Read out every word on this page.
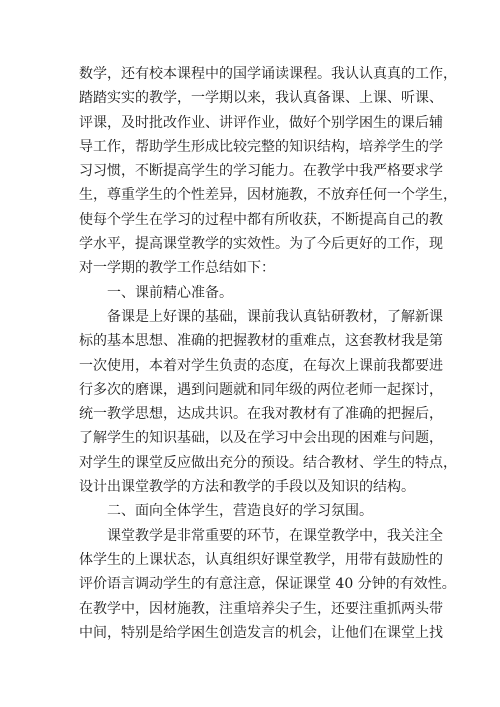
数学，还有校本课程中的国学诵读课程。我认认真真的工作，
踏踏实实的教学，一学期以来，我认真备课、上课、听课、
评课，及时批改作业、讲评作业，做好个别学困生的课后辅
导工作，帮助学生形成比较完整的知识结构，培养学生的学
习习惯，不断提高学生的学习能力。在教学中我严格要求学
生，尊重学生的个性差异，因材施教，不放弃任何一个学生，
使每个学生在学习的过程中都有所收获，不断提高自己的教
学水平，提高课堂教学的实效性。为了今后更好的工作，现
对一学期的教学工作总结如下：
　　一、课前精心准备。
　　备课是上好课的基础，课前我认真钻研教材，了解新课
标的基本思想、准确的把握教材的重难点，这套教材我是第
一次使用，本着对学生负责的态度，在每次上课前我都要进
行多次的磨课，遇到问题就和同年级的两位老师一起探讨，
统一教学思想，达成共识。在我对教材有了准确的把握后，
了解学生的知识基础，以及在学习中会出现的困难与问题，
对学生的课堂反应做出充分的预设。结合教材、学生的特点，
设计出课堂教学的方法和教学的手段以及知识的结构。
　　二、面向全体学生，营造良好的学习氛围。
　　课堂教学是非常重要的环节，在课堂教学中，我关注全
体学生的上课状态，认真组织好课堂教学，用带有鼓励性的
评价语言调动学生的有意注意，保证课堂 40 分钟的有效性。
在教学中，因材施教，注重培养尖子生，还要注重抓两头带
中间，特别是给学困生创造发言的机会，让他们在课堂上找
